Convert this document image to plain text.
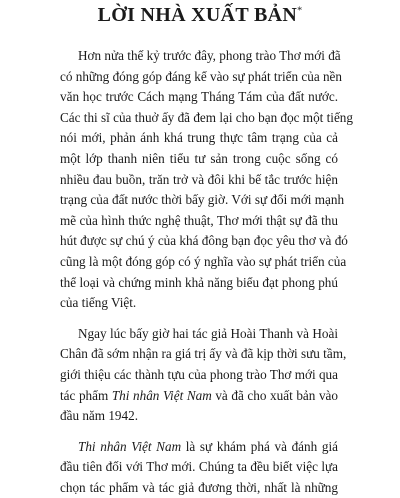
LỜI NHÀ XUẤT BẢN*
Hơn nửa thế kỷ trước đây, phong trào Thơ mới đã
có những đóng góp đáng kể vào sự phát triển của nền
văn học trước Cách mạng Tháng Tám của đất nước.
Các thi sĩ của thuở ấy đã đem lại cho bạn đọc một tiếng
nói mới, phản ánh khá trung thực tâm trạng của cả
một lớp thanh niên tiểu tư sản trong cuộc sống có
nhiều đau buồn, trăn trở và đôi khi bế tắc trước hiện
trạng của đất nước thời bấy giờ. Với sự đổi mới mạnh
mẽ của hình thức nghệ thuật, Thơ mới thật sự đã thu
hút được sự chú ý của khá đông bạn đọc yêu thơ và đó
cũng là một đóng góp có ý nghĩa vào sự phát triển của
thể loại và chứng minh khả năng biểu đạt phong phú
của tiếng Việt.
Ngay lúc bấy giờ hai tác giả Hoài Thanh và Hoài
Chân đã sớm nhận ra giá trị ấy và đã kịp thời sưu tầm,
giới thiệu các thành tựu của phong trào Thơ mới qua
tác phẩm Thi nhân Việt Nam và đã cho xuất bản vào
đầu năm 1942.
Thi nhân Việt Nam là sự khám phá và đánh giá
đầu tiên đối với Thơ mới. Chúng ta đều biết việc lựa
chọn tác phẩm và tác giả đương thời, nhất là những
